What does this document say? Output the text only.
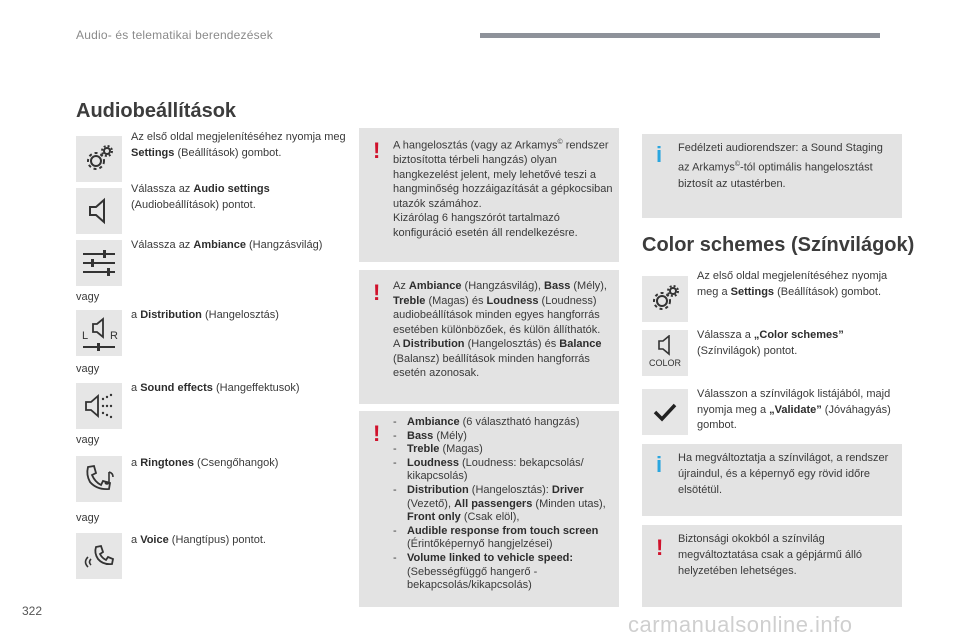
Audio- és telematikai berendezések
Audiobeállítások
Az első oldal megjelenítéséhez nyomja meg Settings (Beállítások) gombot.
Válassza az Audio settings (Audiobeállítások) pontot.
Válassza az Ambiance (Hangzásvilág)
vagy
L R
a Distribution (Hangelosztás)
vagy
a Sound effects (Hangeffektusok)
vagy
a Ringtones (Csengőhangok)
vagy
a Voice (Hangtípus) pontot.
! A hangelosztás (vagy az Arkamys© rendszer biztosította térbeli hangzás) olyan hangkezelést jelent, mely lehetővé teszi a hangminőség hozzáigazítását a gépkocsiban utazók számához.
Kizárólag 6 hangszórót tartalmazó konfiguráció esetén áll rendelkezésre.
! Az Ambiance (Hangzásvilág), Bass (Mély), Treble (Magas) és Loudness (Loudness) audiobeállítások minden egyes hangforrás esetében különbözőek, és külön állíthatók.
A Distribution (Hangelosztás) és Balance (Balansz) beállítások minden hangforrás esetén azonosak.
!
-	Ambiance (6 választható hangzás)
- Bass (Mély)
- Treble (Magas)
- Loudness (Loudness: bekapcsolás/ kikapcsolás)
- Distribution (Hangelosztás): Driver (Vezető), All passengers (Minden utas), Front only (Csak elöl),
- Audible response from touch screen (Érintőképernyő hangjelzései)
- Volume linked to vehicle speed: (Sebességfüggő hangerő - bekapcsolás/kikapcsolás)
i Fedélzeti audiorendszer: a Sound Staging az Arkamys©-tól optimális hangelosztást biztosít az utastérben.
Color schemes (Színvilágok)
Az első oldal megjelenítéséhez nyomja meg a Settings (Beállítások) gombot.
COLOR
Válassza a „Color schemes” (Színvilágok) pontot.
Válasszon a színvilágok listájából, majd nyomja meg a „Validate” (Jóváhagyás) gombot.
i Ha megváltoztatja a színvilágot, a rendszer újraindul, és a képernyő egy rövid időre elsötétül.
! Biztonsági okokból a színvilág megváltoztatása csak a gépjármű álló helyzetében lehetséges.
322
carmanualsonline.info
